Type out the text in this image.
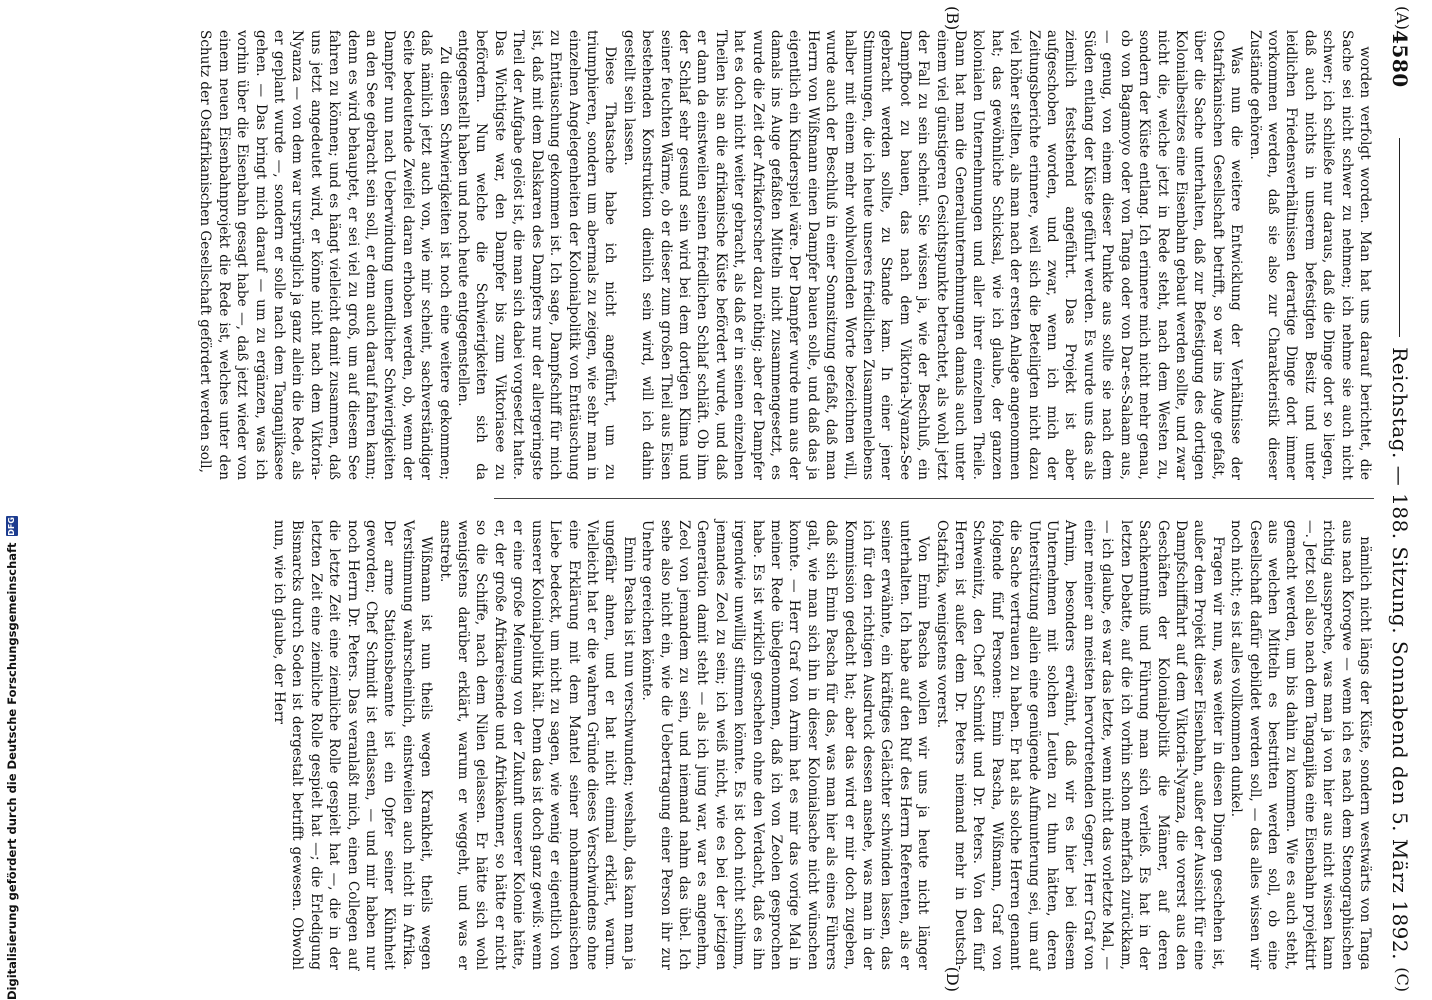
4580
Reichstag. — 188. Sitzung. Sonnabend den 5. März 1892.
(A)
(C)
(B)
(D)

worden verfolgt worden. Man hat uns darauf berichtet, die Sache sei nicht schwer zu nehmen; ich nehme sie auch nicht schwer; ich schließe nur daraus, daß die Dinge dort so liegen, daß auch nichts in unserem befestigten Besitz und unter leidlichen Friedensverhältnissen derartige Dinge dort immer vorkommen werden, daß sie also zur Charakteristik dieser Zustände gehören.

Was nun die weitere Entwicklung der Verhältnisse der Ostafrikanischen Gesellschaft betrifft, so war ins Auge gefaßt, über die Sache unterhalten, daß zur Befestigung des dortigen Kolonialbesitzes eine Eisenbahn gebaut werden sollte, und zwar nicht die, welche jetzt in Rede steht, nach dem Westen zu, sondern der Küste entlang. Ich erinnere mich nicht mehr genau, ob von Bagamoyo oder von Tanga oder von Dar-es-Salaam aus, — genug, von einem dieser Punkte aus sollte sie nach dem Süden entlang der Küste geführt werden. Es wurde uns das als ziemlich feststehend angeführt. Das Projekt ist aber aufgeschoben worden, und zwar, wenn ich mich der Zeitungsberichte erinnere, weil sich die Beteiligten nicht dazu viel höher stellten, als man nach der ersten Anlage angenommen hat; das gewöhnliche Schicksal, wie ich glaube, der ganzen kolonialen Unternehmungen und aller ihrer einzelnen Theile. Dann hat man die Generalunternehmungen damals auch unter einem viel günstigeren Gesichtspunkte betrachtet, als wohl jetzt der Fall zu sein scheint. Sie wissen ja, wie der Beschluß, ein Dampfboot zu bauen, das nach dem Viktoria-Nyanza-See gebracht werden sollte, zu Stande kam. In einer jener Stimmungen, die ich heute unseres friedlichen Zusammenlebens halber mit einem mehr wohlwollenden Worte bezeichnen will, wurde auch der Beschluß in einer Sonnsitzung gefaßt, daß man Herrn von Wißmann einen Dampfer bauen solle, und daß das ja eigentlich ein Kinderspiel wäre. Der Dampfer wurde nun aus der damals ins Auge gefaßten Mitteln nicht zusammengesetzt, es wurde die Zeit der Afrikaforscher dazu nöthig; aber der Dampfer hat es doch nicht weiter gebracht, als daß er in seinen einzelnen Theilen bis an die afrikanische Küste befördert wurde, und daß er dann da einstweilen seinen friedlichen Schlaf schläft. Ob ihm der Schlaf sehr gesund sein wird bei dem dortigen Klima und seiner feuchten Wärme, ob er dieser zum großen Theil aus Eisen bestehenden Konstruktion dienlich sein wird, will ich dahin gestellt sein lassen.

Diese Thatsache habe ich nicht angeführt, um zu triumphieren, sondern um abermals zu zeigen, wie sehr man in einzelnen Angelegenheiten der Kolonialpolitik von Enttäuschung zu Enttäuschung gekommen ist. Ich sage, Dampfschiff für mich ist, daß mit dem Dalskaren des Dampfers nur der allergeringste Theil der Aufgabe gelöst ist, die man sich dabei vorgesetzt hatte. Das Wichtigste war, den Dampfer bis zum Viktoriasee zu befördern. Nun welche die Schwierigkeiten sich da entgegenstellt haben und noch heute entgegenstellen.

Zu diesen Schwierigkeiten ist noch eine weitere gekommen; daß nämlich jetzt auch von, wie mir scheint, sachverständiger Seite bedeutende Zweifel daran erhoben werden, ob, wenn der Dampfer nun nach Ueberwindung unendlicher Schwierigkeiten an den See gebracht sein soll, er denn auch darauf fahren kann; denn es wird behauptet, er sei viel zu groß, um auf diesem See fahren zu können; und es hängt vielleicht damit zusammen, daß uns jetzt angedeutet wird, er könne nicht nach dem Viktoria-Nyanza — von dem war ursprünglich ja ganz allein die Rede, als er geplant wurde —, sondern er solle nach dem Tanganjikasee gehen. — Das bringt mich darauf — um zu ergänzen, was ich vorhin über die Eisenbahn gesagt habe —, daß jetzt wieder von einem neuen Eisenbahnprojekt die Rede ist, welches unter den Schutz der Ostafrikanischen Gesellschaft gefördert werden soll,

nämlich nicht längs der Küste, sondern westwärts von Tanga aus nach Korogwe — wenn ich es nach dem Stenographischen richtig ausspreche, was man ja von hier aus nicht wissen kann —. Jetzt soll also nach dem Tanganjika eine Eisenbahn projektirt gemacht werden, um bis dahin zu kommen. Wie es auch steht, aus welchen Mitteln es bestritten werden soll, ob eine Gesellschaft dafür gebildet werden soll, — das alles wissen wir noch nicht; es ist alles vollkommen dunkel.

Fragen wir nun, was weiter in diesen Dingen geschehen ist, außer dem Projekt dieser Eisenbahn, außer der Aussicht für eine Dampfschifffahrt auf dem Viktoria-Nyanza, die vorerst aus den Geschäften der Kolonialpolitik die Männer, auf deren Sachkenntniß und Führung man sich verließ. Es hat in der letzten Debatte, auf die ich vorhin schon mehrfach zurückkam, — ich glaube, es war das letzte, wenn nicht das vorletzte Mal, — einer meiner an meisten hervortretenden Gegner, Herr Graf von Arnim, besonders erwähnt, daß wir es hier bei diesem Unternehmen mit solchen Leuten zu thun hätten, deren Unterstützung allein eine genügende Aufmunterung sei, um auf die Sache vertrauen zu haben. Er hat als solche Herren genannt folgende fünf Personen: Emin Pascha, Wißmann, Graf von Schweinitz, den Chef Schmidt und Dr. Peters. Von den fünf Herren ist außer dem Dr. Peters niemand mehr in Deutsch-Ostafrika, wenigstens vorerst.

Von Emin Pascha wollen wir uns ja heute nicht länger unterhalten. Ich habe auf den Ruf des Herrn Referenten, als er seiner erwähnte, ein kräftiges Gelächter schwinden lassen, das ich für den richtigen Ausdruck dessen ansehe, was man in der Kommission gedacht hat; aber das wird er mir doch zugeben, daß sich Emin Pascha für das, was man hier als eines Führers galt, wie man sich ihn in dieser Kolonialsache nicht wünschen konnte. — Herr Graf von Arnim hat es mir das vorige Mal in meiner Rede übelgenommen, daß ich von Zeolen gesprochen habe. Es ist wirklich geschehen ohne den Verdacht, daß es ihn irgendwie unwillig stimmen könnte. Es ist doch nicht schlimm, jemandes Zeol zu sein; ich weiß nicht, wie es bei der jetzigen Generation damit steht — als ich jung war, war es angenehm, Zeol von jemandem zu sein, und niemand nahm das übel. Ich sehe also nicht ein, wie die Uebertragung einer Person ihr zur Unehre gereichen könnte.

Emin Pascha ist nun verschwunden; weshalb, das kann man ja ungefähr ahnen, und er hat nicht einmal erklärt, warum. Vielleicht hat er die wahren Gründe dieses Verschwindens ohne eine Erklärung mit dem Mantel seiner mohammedanischen Liebe bedeckt, um nicht zu sagen, wie wenig er eigentlich von unserer Kolonialpolitik hält. Denn das ist doch ganz gewiß: wenn er eine große Meinung von der Zukunft unserer Kolonie hätte, er, der große Afrikareisende und Afrikakenner, so hätte er nicht so die Schiffe, nach dem Nilen gelassen. Er hätte sich wohl wenigstens darüber erklärt, warum er weggeht, und was er anstrebt.

Wißmann ist nun theils wegen Krankheit, theils wegen Verstimmung wahrscheinlich, einstweilen auch nicht in Afrika. Der arme Stationsbeamte ist ein Opfer seiner Kühnheit geworden; Chef Schmidt ist entlassen, — und mir haben nur noch Herrn Dr. Peters. Das veranlaßt mich, einen Collegen auf die letzte Zeit eine ziemliche Rolle gespielt hat —, die in der letzten Zeit eine ziemliche Rolle gespielt hat —; die Erledigung Bismarcks durch Soden ist dergestalt betrifft gewesen. Obwohl nun, wie ich glaube, der Herr

Digitalisierung gefördert durch die Deutsche Forschungsgemeinschaft
DFG
